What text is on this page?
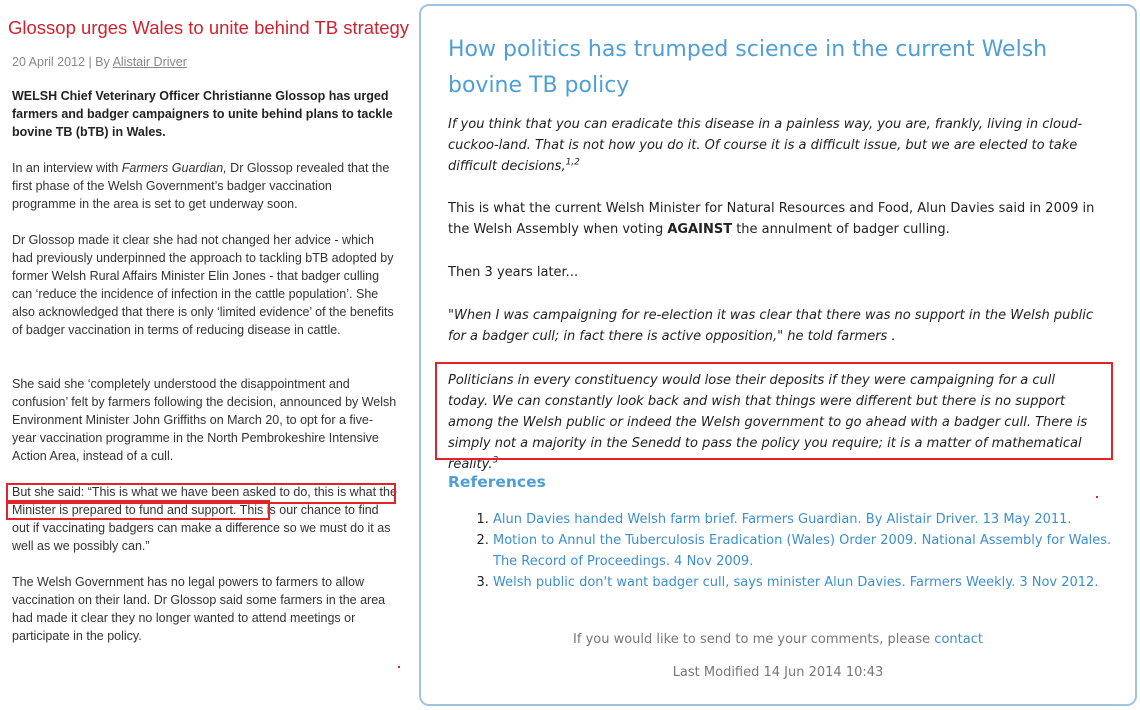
Glossop urges Wales to unite behind TB strategy
20 April 2012 | By Alistair Driver

WELSH Chief Veterinary Officer Christianne Glossop has urged farmers and badger campaigners to unite behind plans to tackle bovine TB (bTB) in Wales.

In an interview with Farmers Guardian, Dr Glossop revealed that the first phase of the Welsh Government’s badger vaccination programme in the area is set to get underway soon.

Dr Glossop made it clear she had not changed her advice - which had previously underpinned the approach to tackling bTB adopted by former Welsh Rural Affairs Minister Elin Jones - that badger culling can ‘reduce the incidence of infection in the cattle population’. She also acknowledged that there is only ‘limited evidence’ of the benefits of badger vaccination in terms of reducing disease in cattle.

She said she ‘completely understood the disappointment and confusion’ felt by farmers following the decision, announced by Welsh Environment Minister John Griffiths on March 20, to opt for a five-year vaccination programme in the North Pembrokeshire Intensive Action Area, instead of a cull.

But she said: “This is what we have been asked to do, this is what the Minister is prepared to fund and support. This is our chance to find out if vaccinating badgers can make a difference so we must do it as well as we possibly can.”

The Welsh Government has no legal powers to farmers to allow vaccination on their land. Dr Glossop said some farmers in the area had made it clear they no longer wanted to attend meetings or participate in the policy.

How politics has trumped science in the current Welsh bovine TB policy

If you think that you can eradicate this disease in a painless way, you are, frankly, living in cloud-cuckoo-land. That is not how you do it. Of course it is a difficult issue, but we are elected to take difficult decisions,$^{1,2}$

This is what the current Welsh Minister for Natural Resources and Food, Alun Davies said in 2009 in the Welsh Assembly when voting AGAINST the annulment of badger culling.

Then 3 years later...

"When I was campaigning for re-election it was clear that there was no support in the Welsh public for a badger cull; in fact there is active opposition," he told farmers .

Politicians in every constituency would lose their deposits if they were campaigning for a cull today. We can constantly look back and wish that things were different but there is no support among the Welsh public or indeed the Welsh government to go ahead with a badger cull. There is simply not a majority in the Senedd to pass the policy you require; it is a matter of mathematical reality.$^3$

References
1. Alun Davies handed Welsh farm brief. Farmers Guardian. By Alistair Driver. 13 May 2011.
2. Motion to Annul the Tuberculosis Eradication (Wales) Order 2009. National Assembly for Wales. The Record of Proceedings. 4 Nov 2009.
3. Welsh public don't want badger cull, says minister Alun Davies. Farmers Weekly. 3 Nov 2012.
If you would like to send to me your comments, please contact
Last Modified 14 Jun 2014 10:43
